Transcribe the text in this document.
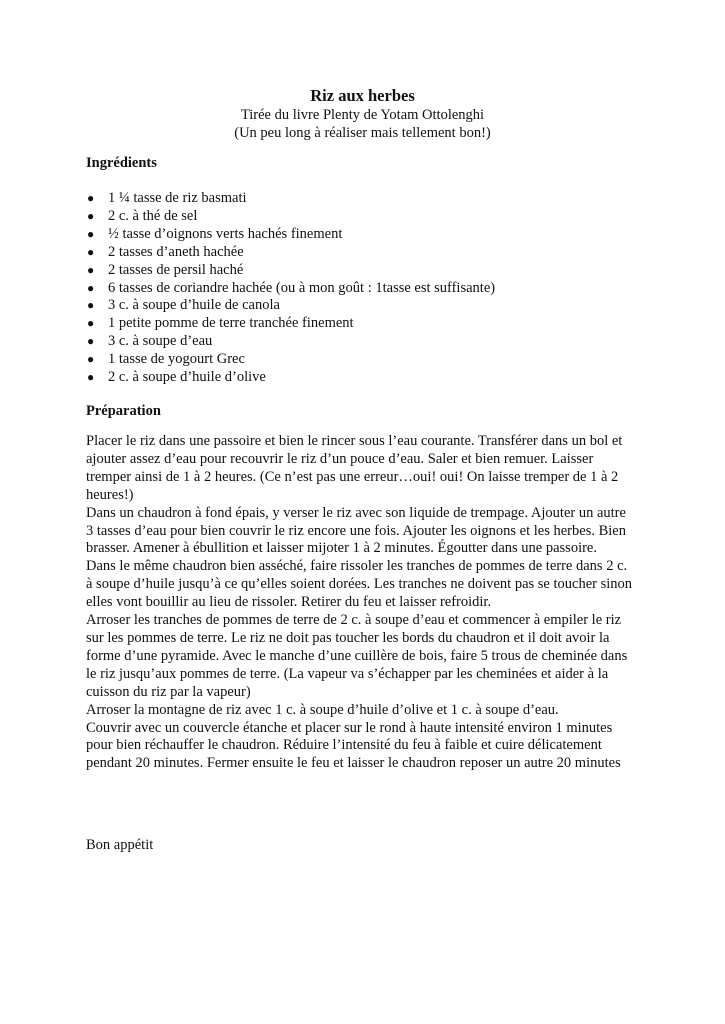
Riz aux herbes

Tirée du livre Plenty de Yotam Ottolenghi

(Un peu long à réaliser mais tellement bon!)

Ingrédients

● 1 ¼ tasse de riz basmati
● 2 c. à thé de sel
● ½ tasse d’oignons verts hachés finement
● 2 tasses d’aneth hachée
● 2 tasses de persil haché
● 6 tasses de coriandre hachée (ou à mon goût : 1tasse est suffisante)
● 3 c. à soupe d’huile de canola
● 1 petite pomme de terre tranchée finement
● 3 c. à soupe d’eau
● 1 tasse de yogourt Grec
● 2 c. à soupe d’huile d’olive

Préparation

Placer le riz dans une passoire et bien le rincer sous l’eau courante. Transférer dans un bol et

ajouter assez d’eau pour recouvrir le riz d’un pouce d’eau. Saler et bien remuer. Laisser

tremper ainsi de 1 à 2 heures. (Ce n’est pas une erreur…oui! oui! On laisse tremper de 1 à 2

heures!)

Dans un chaudron à fond épais, y verser le riz avec son liquide de trempage. Ajouter un autre

3 tasses d’eau pour bien couvrir le riz encore une fois. Ajouter les oignons et les herbes. Bien

brasser. Amener à ébullition et laisser mijoter 1 à 2 minutes. Égoutter dans une passoire.

Dans le même chaudron bien asséché, faire rissoler les tranches de pommes de terre dans 2 c.

à soupe d’huile jusqu’à ce qu’elles soient dorées. Les tranches ne doivent pas se toucher sinon

elles vont bouillir au lieu de rissoler. Retirer du feu et laisser refroidir.

Arroser les tranches de pommes de terre de 2 c. à soupe d’eau et commencer à empiler le riz

sur les pommes de terre. Le riz ne doit pas toucher les bords du chaudron et il doit avoir la

forme d’une pyramide. Avec le manche d’une cuillère de bois, faire 5 trous de cheminée dans

le riz jusqu’aux pommes de terre. (La vapeur va s’échapper par les cheminées et aider à la

cuisson du riz par la vapeur)

Arroser la montagne de riz avec 1 c. à soupe d’huile d’olive et 1 c. à soupe d’eau.

Couvrir avec un couvercle étanche et placer sur le rond à haute intensité environ 1 minutes

pour bien réchauffer le chaudron. Réduire l’intensité du feu à faible et cuire délicatement

pendant 20 minutes. Fermer ensuite le feu et laisser le chaudron reposer un autre 20 minutes

Bon appétit
